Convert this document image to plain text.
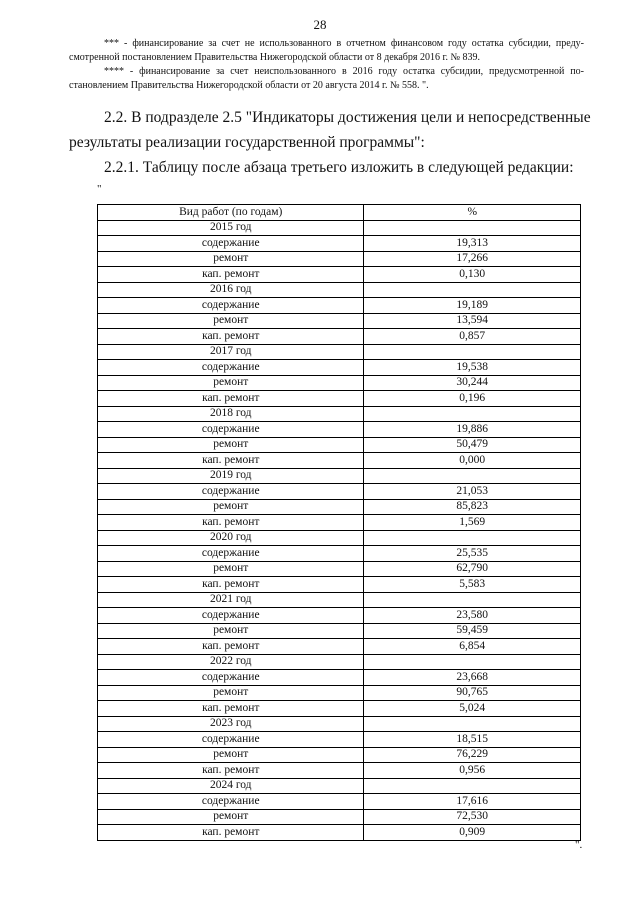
28
*** - финансирование за счет не использованного в отчетном финансовом году остатка субсидии, преду-
смотренной постановлением Правительства Нижегородской области от 8 декабря 2016 г. № 839.
**** - финансирование за счет неиспользованного в 2016 году остатка субсидии, предусмотренной по-
становлением Правительства Нижегородской области от 20 августа 2014 г. № 558. ".
2.2. В подразделе 2.5 "Индикаторы достижения цели и непосредственные
результаты реализации государственной программы":
2.2.1. Таблицу после абзаца третьего изложить в следующей редакции:
"
Вид работ (по годам)	%
2015 год	
содержание	19,313
ремонт	17,266
кап. ремонт	0,130
2016 год	
содержание	19,189
ремонт	13,594
кап. ремонт	0,857
2017 год	
содержание	19,538
ремонт	30,244
кап. ремонт	0,196
2018 год	
содержание	19,886
ремонт	50,479
кап. ремонт	0,000
2019 год	
содержание	21,053
ремонт	85,823
кап. ремонт	1,569
2020 год	
содержание	25,535
ремонт	62,790
кап. ремонт	5,583
2021 год	
содержание	23,580
ремонт	59,459
кап. ремонт	6,854
2022 год	
содержание	23,668
ремонт	90,765
кап. ремонт	5,024
2023 год	
содержание	18,515
ремонт	76,229
кап. ремонт	0,956
2024 год	
содержание	17,616
ремонт	72,530
кап. ремонт	0,909
".
